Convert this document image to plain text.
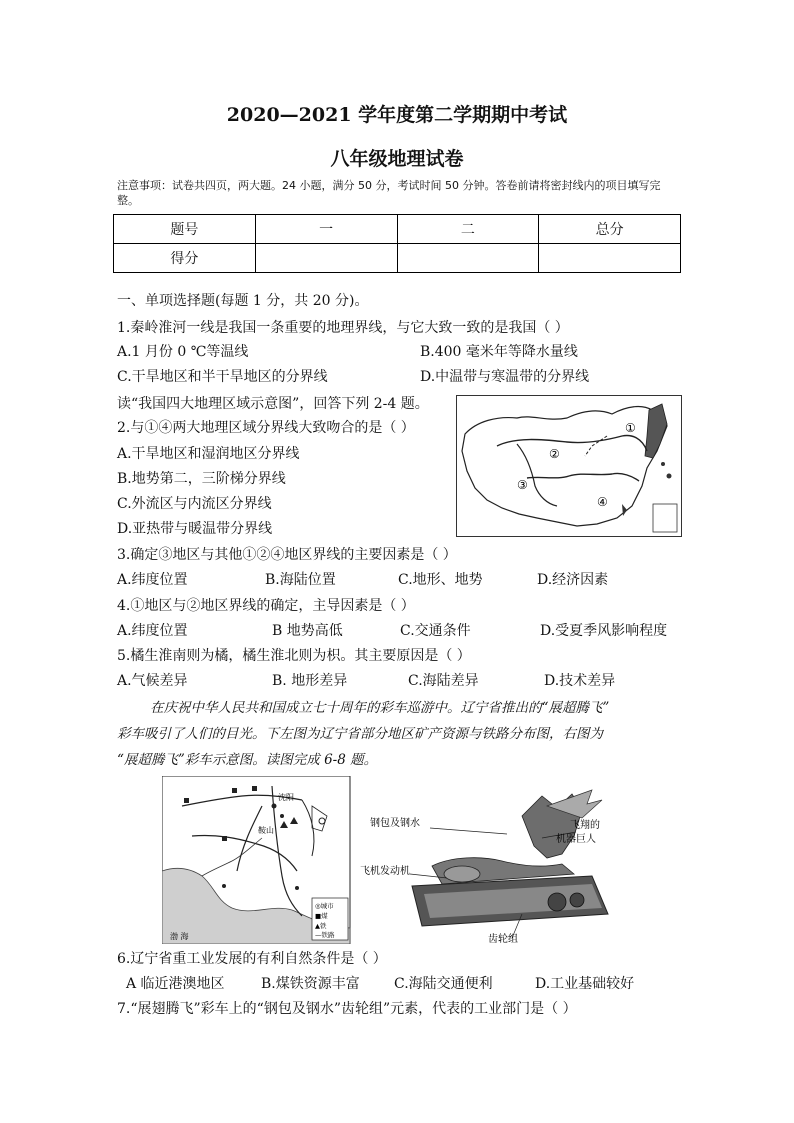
2020—2021 学年度第二学期期中考试
八年级地理试卷
注意事项：试卷共四页，两大题。24 小题，满分 50 分，考试时间 50 分钟。答卷前请将密封线内的项目填写完整。
题号	一	二	总分
得分			
一、单项选择题(每题 1 分，共 20 分)。
1.秦岭淮河一线是我国一条重要的地理界线，与它大致一致的是我国（ ）
A.1 月份 0 ℃等温线	B.400 毫米年等降水量线
C.干旱地区和半干旱地区的分界线	D.中温带与寒温带的分界线
读“我国四大地理区域示意图”，回答下列 2-4 题。
①
②
③
④
2.与①④两大地理区域分界线大致吻合的是（ ）
A.干旱地区和湿润地区分界线
B.地势第二，三阶梯分界线
C.外流区与内流区分界线
D.亚热带与暖温带分界线
3.确定③地区与其他①②④地区界线的主要因素是（ ）
A.纬度位置	B.海陆位置	C.地形、地势	D.经济因素
4.①地区与②地区界线的确定，主导因素是（ ）
A.纬度位置	B 地势高低	C.交通条件	D.受夏季风影响程度
5.橘生淮南则为橘，橘生淮北则为枳。其主要原因是（ ）
A.气候差异	B. 地形差异	C.海陆差异	D.技术差异
在庆祝中华人民共和国成立七十周年的彩车巡游中。辽宁省推出的“展超腾飞”
彩车吸引了人们的目光。下左图为辽宁省部分地区矿产资源与铁路分布图，右图为
“展超腾飞”彩车示意图。读图完成 6-8 题。
沈阳
鞍山
渤 海
◎城市
■煤
▲铁
—铁路
钢包及钢水	飞翔的
机器巨人
飞机发动机
齿轮组
6.辽宁省重工业发展的有利自然条件是（ ）
A 临近港澳地区	B.煤铁资源丰富 C.海陆交通便利	D.工业基础较好
7.“展翅腾飞”彩车上的“钢包及钢水”齿轮组”元素，代表的工业部门是（ ）
